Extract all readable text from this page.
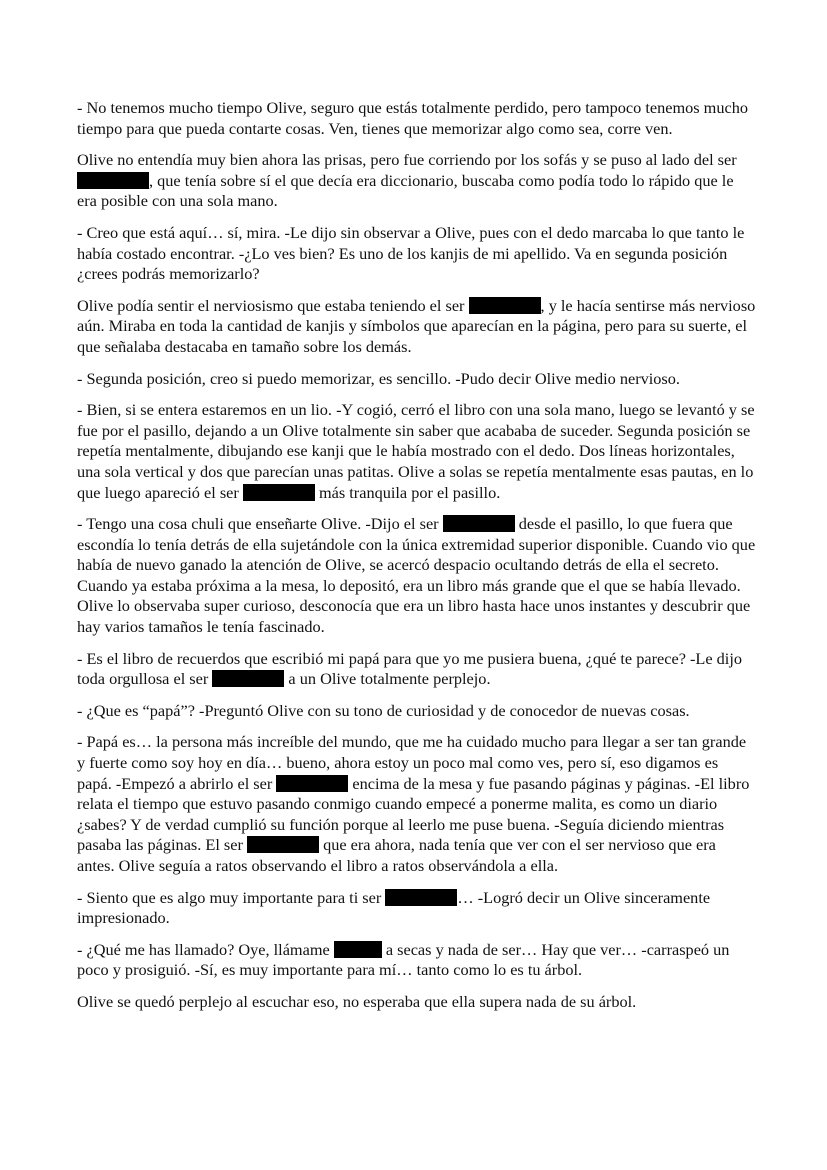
- No tenemos mucho tiempo Olive, seguro que estás totalmente perdido, pero tampoco tenemos mucho tiempo para que pueda contarte cosas. Ven, tienes que memorizar algo como sea, corre ven.

Olive no entendía muy bien ahora las prisas, pero fue corriendo por los sofás y se puso al lado del ser , que tenía sobre sí el que decía era diccionario, buscaba como podía todo lo rápido que le era posible con una sola mano.

- Creo que está aquí… sí, mira. -Le dijo sin observar a Olive, pues con el dedo marcaba lo que tanto le había costado encontrar. -¿Lo ves bien? Es uno de los kanjis de mi apellido. Va en segunda posición ¿crees podrás memorizarlo?

Olive podía sentir el nerviosismo que estaba teniendo el ser	, y le hacía sentirse más nervioso aún. Miraba en toda la cantidad de kanjis y símbolos que aparecían en la página, pero para su suerte, el que señalaba destacaba en tamaño sobre los demás.

- Segunda posición, creo si puedo memorizar, es sencillo. -Pudo decir Olive medio nervioso.

- Bien, si se entera estaremos en un lio. -Y cogió, cerró el libro con una sola mano, luego se levantó y se fue por el pasillo, dejando a un Olive totalmente sin saber que acababa de suceder. Segunda posición se repetía mentalmente, dibujando ese kanji que le había mostrado con el dedo. Dos líneas horizontales, una sola vertical y dos que parecían unas patitas. Olive a solas se repetía mentalmente esas pautas, en lo que luego apareció el ser	más tranquila por el pasillo.

- Tengo una cosa chuli que enseñarte Olive. -Dijo el ser	desde el pasillo, lo que fuera que escondía lo tenía detrás de ella sujetándole con la única extremidad superior disponible. Cuando vio que había de nuevo ganado la atención de Olive, se acercó despacio ocultando detrás de ella el secreto. Cuando ya estaba próxima a la mesa, lo depositó, era un libro más grande que el que se había llevado. Olive lo observaba super curioso, desconocía que era un libro hasta hace unos instantes y descubrir que hay varios tamaños le tenía fascinado.

- Es el libro de recuerdos que escribió mi papá para que yo me pusiera buena, ¿qué te parece? -Le dijo toda orgullosa el ser	a un Olive totalmente perplejo.

- ¿Que es “papá”? -Preguntó Olive con su tono de curiosidad y de conocedor de nuevas cosas.

- Papá es… la persona más increíble del mundo, que me ha cuidado mucho para llegar a ser tan grande y fuerte como soy hoy en día… bueno, ahora estoy un poco mal como ves, pero sí, eso digamos es papá. -Empezó a abrirlo el ser	encima de la mesa y fue pasando páginas y páginas. -El libro relata el tiempo que estuvo pasando conmigo cuando empecé a ponerme malita, es como un diario ¿sabes? Y de verdad cumplió su función porque al leerlo me puse buena. -Seguía diciendo mientras pasaba las páginas. El ser	que era ahora, nada tenía que ver con el ser nervioso que era antes. Olive seguía a ratos observando el libro a ratos observándola a ella.

- Siento que es algo muy importante para ti ser	… -Logró decir un Olive sinceramente impresionado.

- ¿Qué me has llamado? Oye, llámame	a secas y nada de ser… Hay que ver… -carraspeó un poco y prosiguió. -Sí, es muy importante para mí… tanto como lo es tu árbol.

Olive se quedó perplejo al escuchar eso, no esperaba que ella supera nada de su árbol.
